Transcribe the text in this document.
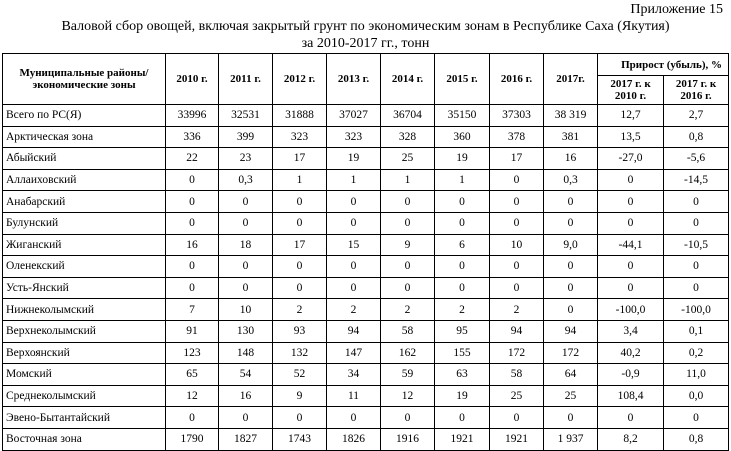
Приложение 15
Валовой сбор овощей, включая закрытый грунт по экономическим зонам в Республике Саха (Якутия)
за 2010-2017 гг., тонн
Муниципальные районы/ экономические зоны	2010 г.	2011 г.	2012 г.	2013 г.	2014 г.	2015 г.	2016 г.	2017г.	Прирост (убыль), %	
									2017 г. к 2010 г.	2017 г. к 2016 г.
Всего по РС(Я)	33996	32531	31888	37027	36704	35150	37303	38 319	12,7	2,7
Арктическая зона	336	399	323	323	328	360	378	381	13,5	0,8
Абыйский	22	23	17	19	25	19	17	16	-27,0	-5,6
Аллаиховский	0	0,3	1	1	1	1	0	0,3	0	-14,5
Анабарский	0	0	0	0	0	0	0	0	0	0
Булунский	0	0	0	0	0	0	0	0	0	0
Жиганский	16	18	17	15	9	6	10	9,0	-44,1	-10,5
Оленекский	0	0	0	0	0	0	0	0	0	0
Усть-Янский	0	0	0	0	0	0	0	0	0	0
Нижнеколымский	7	10	2	2	2	2	2	0	-100,0	-100,0
Верхнеколымский	91	130	93	94	58	95	94	94	3,4	0,1
Верхоянский	123	148	132	147	162	155	172	172	40,2	0,2
Момский	65	54	52	34	59	63	58	64	-0,9	11,0
Среднеколымский	12	16	9	11	12	19	25	25	108,4	0,0
Эвено-Бытантайский	0	0	0	0	0	0	0	0	0	0
Восточная зона	1790	1827	1743	1826	1916	1921	1921	1 937	8,2	0,8
